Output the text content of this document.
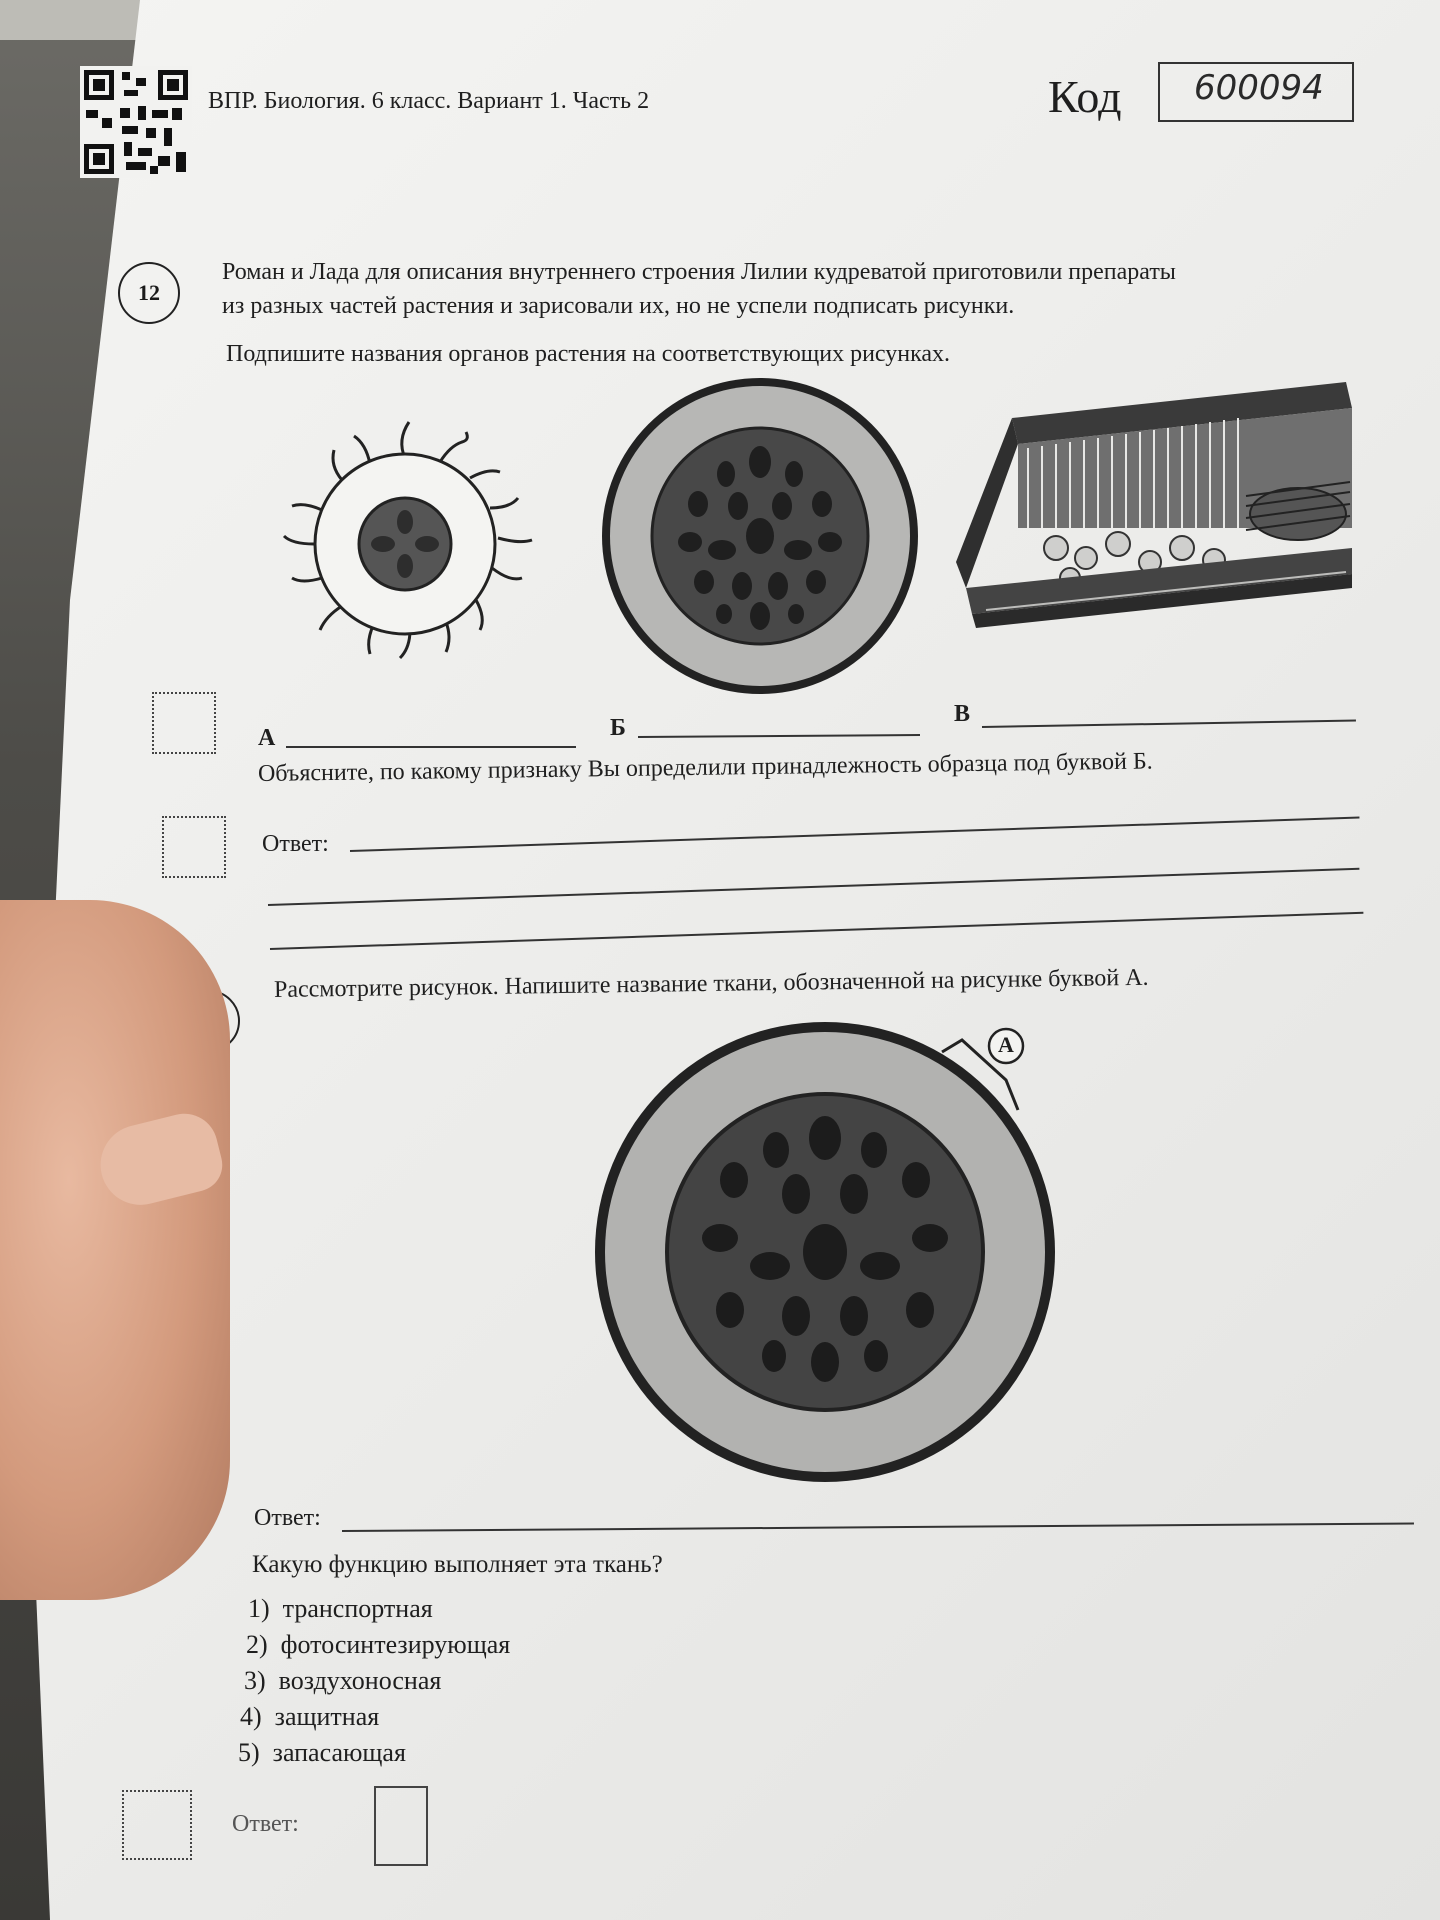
ВПР. Биология. 6 класс. Вариант 1. Часть 2	Код 600094
12
Роман и Лада для описания внутреннего строения Лилии кудреватой приготовили препараты
из разных частей растения и зарисовали их, но не успели подписать рисунки.
Подпишите названия органов растения на соответствующих рисунках.
А	Б
В
Объясните, по какому признаку Вы определили принадлежность образца под буквой Б.
Ответ:
Рассмотрите рисунок. Напишите название ткани, обозначенной на рисунке буквой А.
А
Ответ:
Какую функцию выполняет эта ткань?
1) транспортная
2) фотосинтезирующая
3) воздухоносная
4) защитная
5) запасающая
Ответ:
